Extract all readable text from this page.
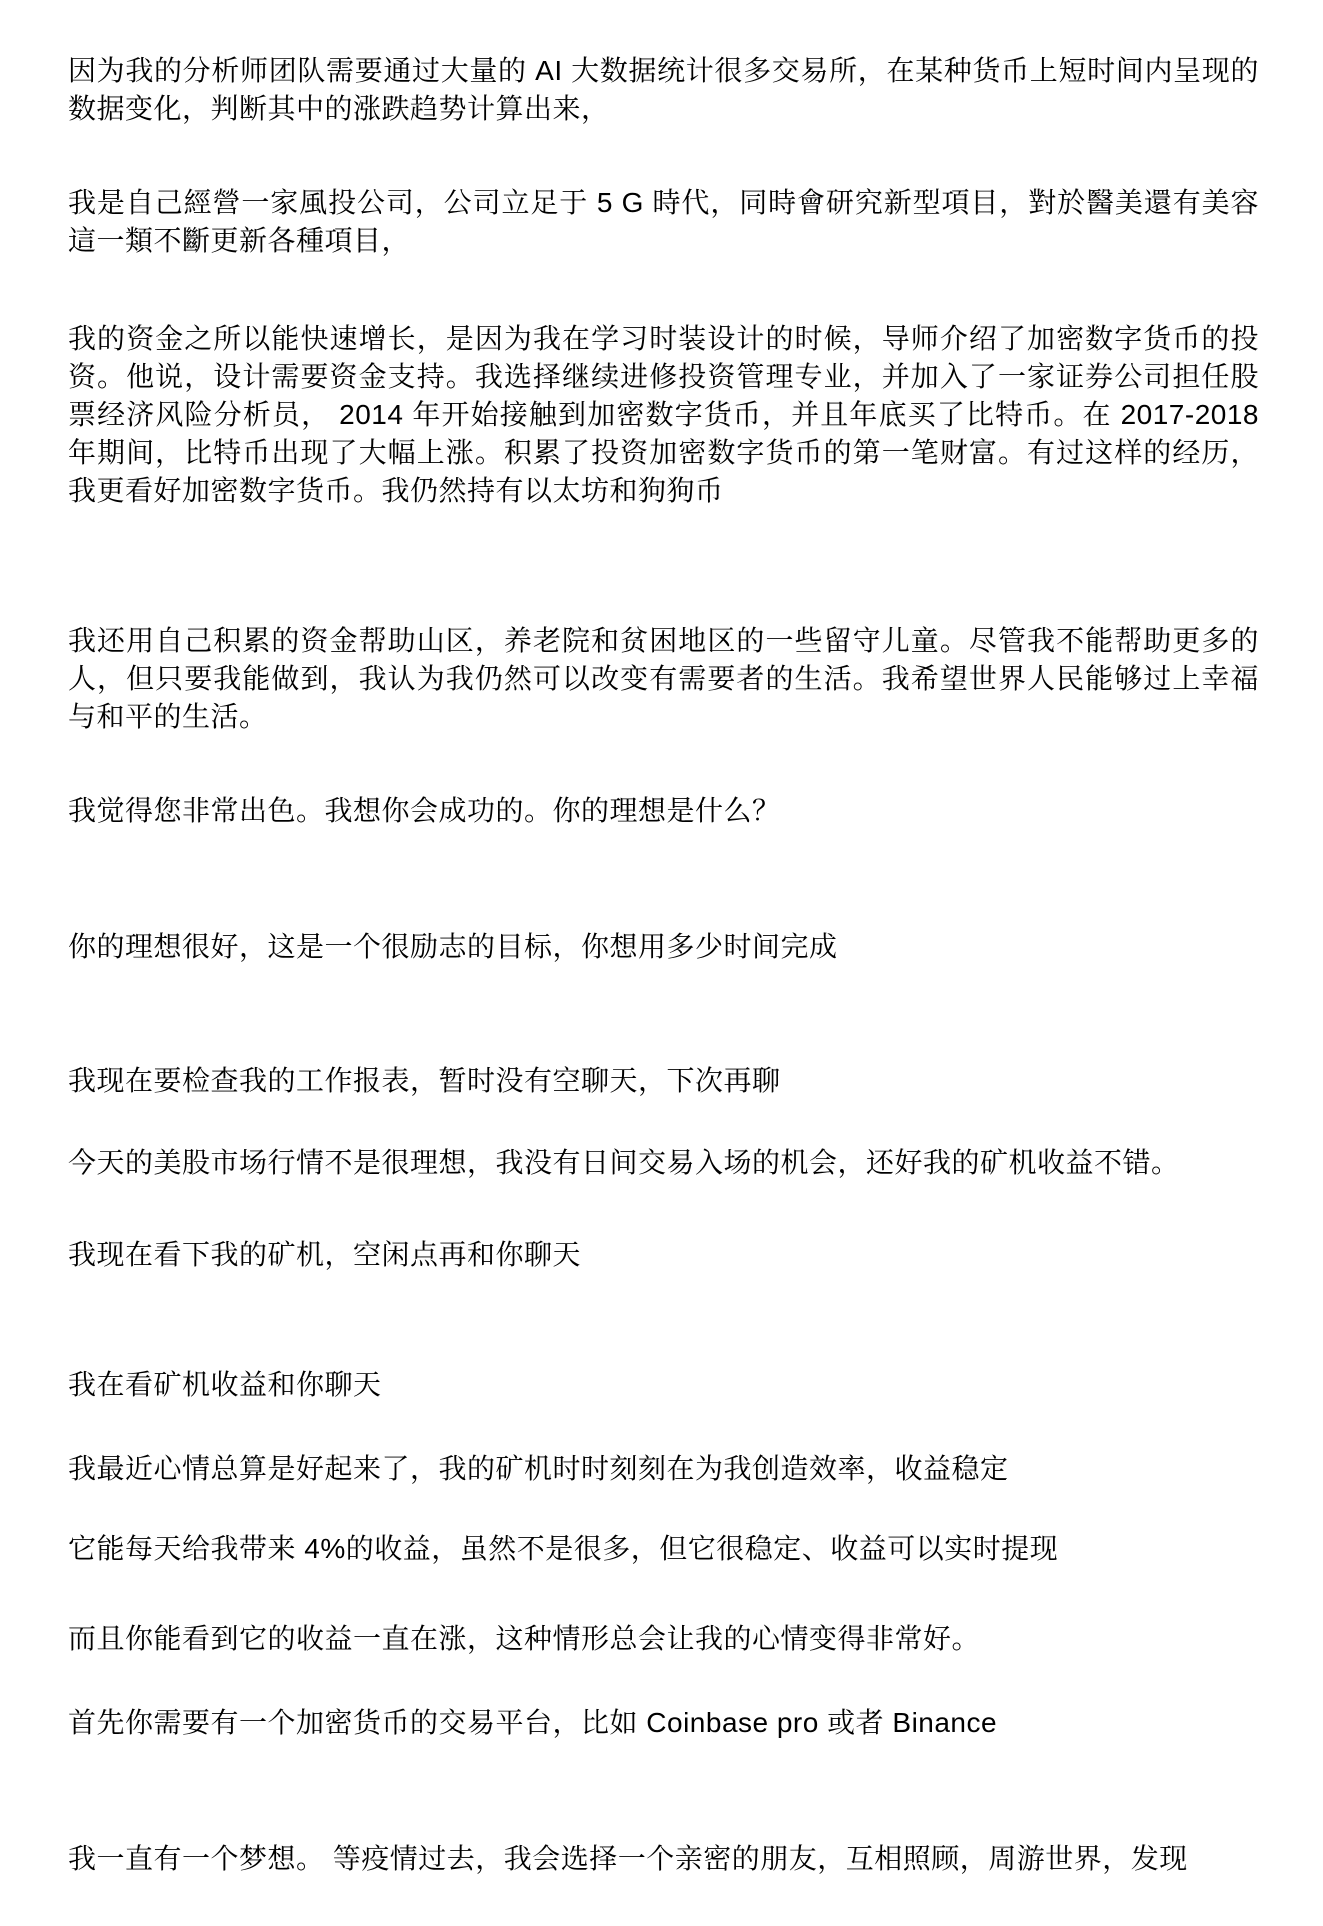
因为我的分析师团队需要通过大量的 AI 大数据统计很多交易所，在某种货币上短时间内呈现的数据变化，判断其中的涨跌趋势计算出来，

我是自己經營一家風投公司，公司立足于 5 G 時代，同時會研究新型項目，對於醫美還有美容這一類不斷更新各種項目，

我的资金之所以能快速增长，是因为我在学习时装设计的时候，导师介绍了加密数字货币的投资。他说，设计需要资金支持。我选择继续进修投资管理专业，并加入了一家证券公司担任股票经济风险分析员， 2014 年开始接触到加密数字货币，并且年底买了比特币。在 2017-2018 年期间，比特币出现了大幅上涨。积累了投资加密数字货币的第一笔财富。有过这样的经历，我更看好加密数字货币。我仍然持有以太坊和狗狗币

我还用自己积累的资金帮助山区，养老院和贫困地区的一些留守儿童。尽管我不能帮助更多的人，但只要我能做到，我认为我仍然可以改变有需要者的生活。我希望世界人民能够过上幸福与和平的生活。

我觉得您非常出色。我想你会成功的。你的理想是什么？

你的理想很好，这是一个很励志的目标，你想用多少时间完成

我现在要检查我的工作报表，暂时没有空聊天，下次再聊

今天的美股市场行情不是很理想，我没有日间交易入场的机会，还好我的矿机收益不错。

我现在看下我的矿机，空闲点再和你聊天

我在看矿机收益和你聊天

我最近心情总算是好起来了，我的矿机时时刻刻在为我创造效率，收益稳定

它能每天给我带来 4%的收益，虽然不是很多，但它很稳定、收益可以实时提现

而且你能看到它的收益一直在涨，这种情形总会让我的心情变得非常好。

首先你需要有一个加密货币的交易平台，比如 Coinbase pro 或者 Binance

我一直有一个梦想。 等疫情过去，我会选择一个亲密的朋友，互相照顾，周游世界，发现
